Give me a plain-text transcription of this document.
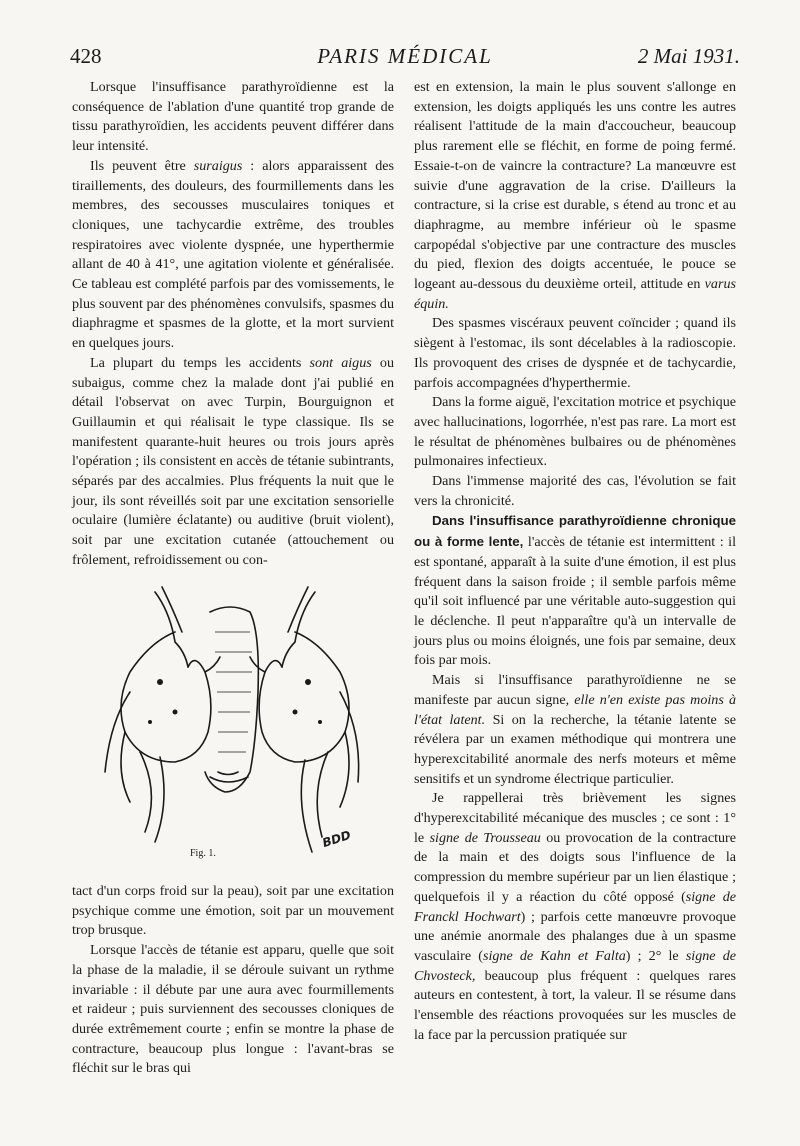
428	PARIS MÉDICAL	2 Mai 1931.

Lorsque l'insuffisance parathyroïdienne est la conséquence de l'ablation d'une quantité trop grande de tissu parathyroïdien, les accidents peuvent différer dans leur intensité.

Ils peuvent être suraigus : alors apparaissent des tiraillements, des douleurs, des fourmillements dans les membres, des secousses musculaires toniques et cloniques, une tachycardie extrême, des troubles respiratoires avec violente dyspnée, une hyperthermie allant de 40 à 41°, une agitation violente et généralisée. Ce tableau est complété parfois par des vomissements, le plus souvent par des phénomènes convulsifs, spasmes du diaphragme et spasmes de la glotte, et la mort survient en quelques jours.

La plupart du temps les accidents sont aigus ou subaigus, comme chez la malade dont j'ai publié en détail l'observat on avec Turpin, Bourguignon et Guillaumin et qui réalisait le type classique. Ils se manifestent quarante-huit heures ou trois jours après l'opération ; ils consistent en accès de tétanie subintrants, séparés par des accalmies. Plus fréquents la nuit que le jour, ils sont réveillés soit par une excitation sensorielle oculaire (lumière éclatante) ou auditive (bruit violent), soit par une excitation cutanée (attouchement ou frôlement, refroidissement ou con-

Fig. 1.
BDD

tact d'un corps froid sur la peau), soit par une excitation psychique comme une émotion, soit par un mouvement trop brusque.

Lorsque l'accès de tétanie est apparu, quelle que soit la phase de la maladie, il se déroule suivant un rythme invariable : il débute par une aura avec fourmillements et raideur ; puis surviennent des secousses cloniques de durée extrêmement courte ; enfin se montre la phase de contracture, beaucoup plus longue : l'avant-bras se fléchit sur le bras qui

est en extension, la main le plus souvent s'allonge en extension, les doigts appliqués les uns contre les autres réalisent l'attitude de la main d'accoucheur, beaucoup plus rarement elle se fléchit, en forme de poing fermé. Essaie-t-on de vaincre la contracture? La manœuvre est suivie d'une aggravation de la crise. D'ailleurs la contracture, si la crise est durable, s étend au tronc et au diaphragme, au membre inférieur où le spasme carpopédal s'objective par une contracture des muscles du pied, flexion des doigts accentuée, le pouce se logeant au-dessous du deuxième orteil, attitude en varus équin.

Des spasmes viscéraux peuvent coïncider ; quand ils siègent à l'estomac, ils sont décelables à la radioscopie. Ils provoquent des crises de dyspnée et de tachycardie, parfois accompagnées d'hyperthermie.

Dans la forme aiguë, l'excitation motrice et psychique avec hallucinations, logorrhée, n'est pas rare. La mort est le résultat de phénomènes bulbaires ou de phénomènes pulmonaires infectieux.

Dans l'immense majorité des cas, l'évolution se fait vers la chronicité.

Dans l'insuffisance parathyroïdienne chronique ou à forme lente, l'accès de tétanie est intermittent : il est spontané, apparaît à la suite d'une émotion, il est plus fréquent dans la saison froide ; il semble parfois même qu'il soit influencé par une véritable auto-suggestion qui le déclenche. Il peut n'apparaître qu'à un intervalle de jours plus ou moins éloignés, une fois par semaine, deux fois par mois.

Mais si l'insuffisance parathyroïdienne ne se manifeste par aucun signe, elle n'en existe pas moins à l'état latent. Si on la recherche, la tétanie latente se révélera par un examen méthodique qui montrera une hyperexcitabilité anormale des nerfs moteurs et même sensitifs et un syndrome électrique particulier.

Je rappellerai très brièvement les signes d'hyperexcitabilité mécanique des muscles ; ce sont : 1° le signe de Trousseau ou provocation de la contracture de la main et des doigts sous l'influence de la compression du membre supérieur par un lien élastique ; quelquefois il y a réaction du côté opposé (signe de Franckl Hochwart) ; parfois cette manœuvre provoque une anémie anormale des phalanges due à un spasme vasculaire (signe de Kahn et Falta) ; 2° le signe de Chvosteck, beaucoup plus fréquent : quelques rares auteurs en contestent, à tort, la valeur. Il se résume dans l'ensemble des réactions provoquées sur les muscles de la face par la percussion pratiquée sur
